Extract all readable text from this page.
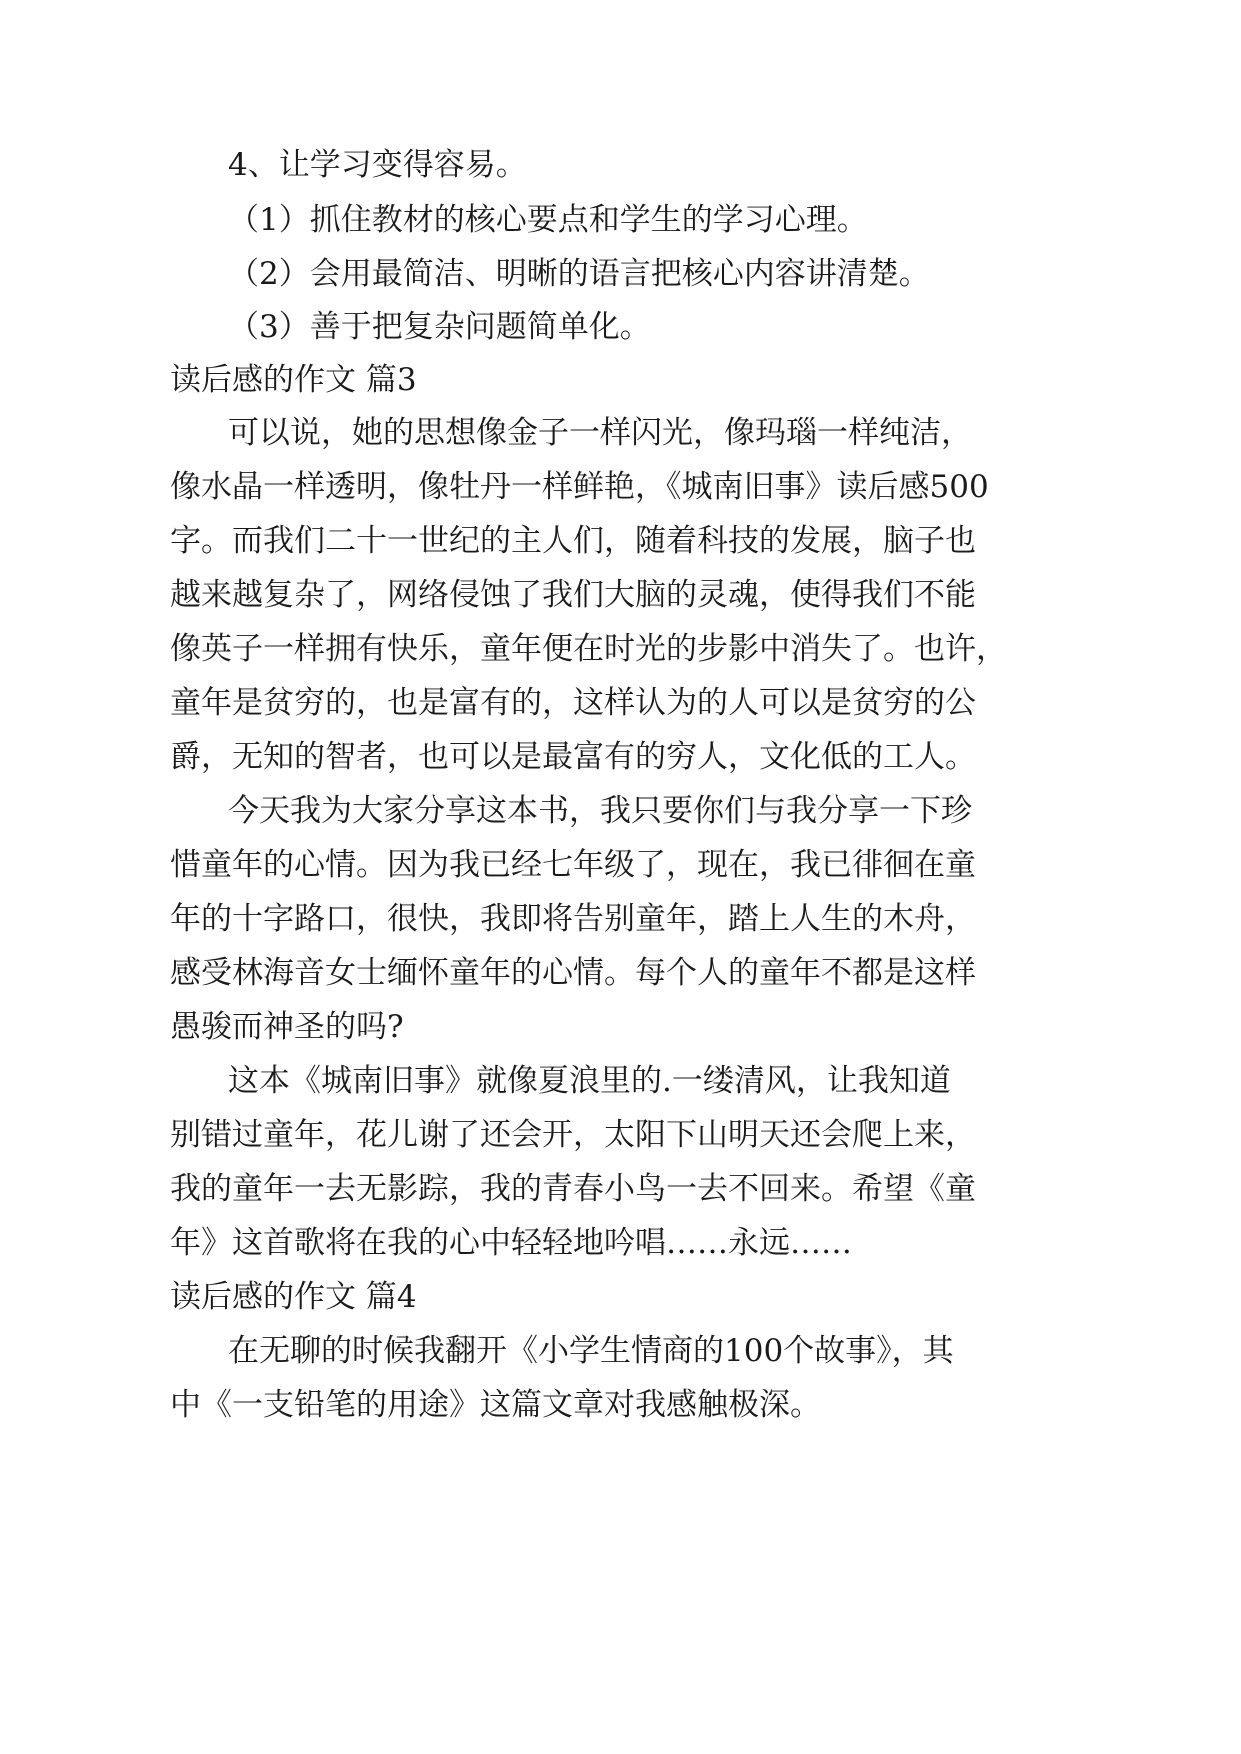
4、让学习变得容易。
（1）抓住教材的核心要点和学生的学习心理。
（2）会用最简洁、明晰的语言把核心内容讲清楚。
（3）善于把复杂问题简单化。
读后感的作文 篇3
可以说，她的思想像金子一样闪光，像玛瑙一样纯洁，
像水晶一样透明，像牡丹一样鲜艳，《城南旧事》读后感500
字。而我们二十一世纪的主人们，随着科技的发展，脑子也
越来越复杂了，网络侵蚀了我们大脑的灵魂，使得我们不能
像英子一样拥有快乐，童年便在时光的步影中消失了。也许，
童年是贫穷的，也是富有的，这样认为的人可以是贫穷的公
爵，无知的智者，也可以是最富有的穷人，文化低的工人。
今天我为大家分享这本书，我只要你们与我分享一下珍
惜童年的心情。因为我已经七年级了，现在，我已徘徊在童
年的十字路口，很快，我即将告别童年，踏上人生的木舟，
感受林海音女士缅怀童年的心情。每个人的童年不都是这样
愚骏而神圣的吗?
这本《城南旧事》就像夏浪里的.一缕清风，让我知道
别错过童年，花儿谢了还会开，太阳下山明天还会爬上来，
我的童年一去无影踪，我的青春小鸟一去不回来。希望《童
年》这首歌将在我的心中轻轻地吟唱……永远……
读后感的作文 篇4
在无聊的时候我翻开《小学生情商的100个故事》，其
中《一支铅笔的用途》这篇文章对我感触极深。
